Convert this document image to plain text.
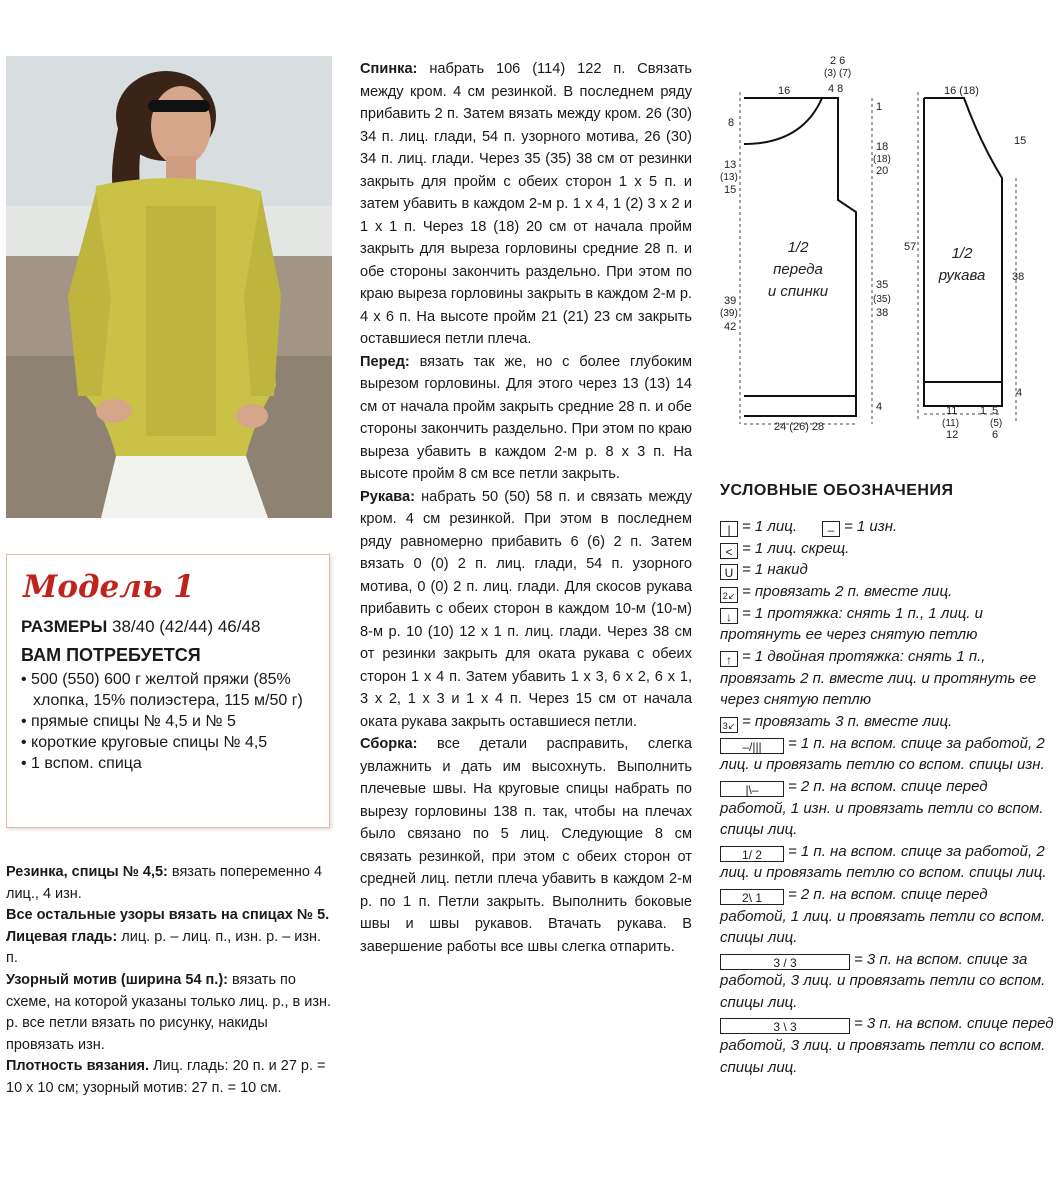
Модель 1
РАЗМЕРЫ 38/40 (42/44) 46/48
ВАМ ПОТРЕБУЕТСЯ
• 500 (550) 600 г желтой пряжи (85% хлопка, 15% полиэстера, 115 м/50 г)
• прямые спицы № 4,5 и № 5
• короткие круговые спицы № 4,5
• 1 вспом. спица

Резинка, спицы № 4,5: вязать попеременно 4 лиц., 4 изн.

Все остальные узоры вязать на спицах № 5.

Лицевая гладь: лиц. р. – лиц. п., изн. р. – изн. п.

Узорный мотив (ширина 54 п.): вязать по схеме, на которой указаны только лиц. р., в изн. р. все петли вязать по рисунку, накиды провязать изн.

Плотность вязания. Лиц. гладь: 20 п. и 27 р. = 10 х 10 см; узорный мотив: 27 п. = 10 см.

Спинка: набрать 106 (114) 122 п. Связать между кром. 4 см резинкой. В последнем ряду прибавить 2 п. Затем вязать между кром. 26 (30) 34 п. лиц. глади, 54 п. узорного мотива, 26 (30) 34 п. лиц. глади. Через 35 (35) 38 см от резинки закрыть для пройм с обеих сторон 1 х 5 п. и затем убавить в каждом 2-м р. 1 х 4, 1 (2) 3 х 2 и 1 х 1 п. Через 18 (18) 20 см от начала пройм закрыть для выреза горловины средние 28 п. и обе стороны закончить раздельно. При этом по краю выреза горловины закрыть в каждом 2-м р. 4 х 6 п. На высоте пройм 21 (21) 23 см закрыть оставшиеся петли плеча.

Перед: вязать так же, но с более глубоким вырезом горловины. Для этого через 13 (13) 14 см от начала пройм закрыть средние 28 п. и обе стороны закончить раздельно. При этом по краю выреза убавить в каждом 2-м р. 8 х 3 п. На высоте пройм 8 см все петли закрыть.

Рукава: набрать 50 (50) 58 п. и связать между кром. 4 см резинкой. При этом в последнем ряду равномерно прибавить 6 (6) 2 п. Затем вязать 0 (0) 2 п. лиц. глади, 54 п. узорного мотива, 0 (0) 2 п. лиц. глади. Для скосов рукава прибавить с обеих сторон в каждом 10-м (10-м) 8-м р. 10 (10) 12 х 1 п. лиц. глади. Через 38 см от резинки закрыть для оката рукава с обеих сторон 1 х 4 п. Затем убавить 1 х 3, 6 х 2, 6 х 1, 3 х 2, 1 х 3 и 1 х 4 п. Через 15 см от начала оката рукава закрыть оставшиеся петли.

Сборка: все детали расправить, слегка увлажнить и дать им высохнуть. Выполнить плечевые швы. На круговые спицы набрать по вырезу горловины 138 п. так, чтобы на плечах было связано по 5 лиц. Следующие 8 см связать резинкой, при этом с обеих сторон от средней лиц. петли плеча убавить в каждом 2-м р. по 1 п. Петли закрыть. Выполнить боковые швы и швы рукавов. Втачать рукава. В завершение работы все швы слегка отпарить.

2 6
(3) (7)
4 8
16
1
8
13
(13)
15
18
(18)
20
39
(39)
42
35
(35)
38
4
24 (26) 28
1/2
переда
и спинки
16 (18)
15
57
38
4
11
(11)
12
1 5
(5)
6
1/2
рукава
УСЛОВНЫЕ ОБОЗНАЧЕНИЯ
| = 1 лиц.	– = 1 изн.
< = 1 лиц. скрещ.
U = 1 накид
2↙ = провязать 2 п. вместе лиц.
↓ = 1 протяжка: снять 1 п., 1 лиц. и протянуть ее через снятую петлю
↑ = 1 двойная протяжка: снять 1 п., провязать 2 п. вместе лиц. и протянуть ее через снятую петлю
3↙ = провязать 3 п. вместе лиц.
–/||| = 1 п. на вспом. спице за работой, 2 лиц. и провязать петлю со вспом. спицы изн.
|\– = 2 п. на вспом. спице перед работой, 1 изн. и провязать петли со вспом. спицы лиц.
1/ 2 = 1 п. на вспом. спице за работой, 2 лиц. и провязать петлю со вспом. спицы лиц.
2\ 1 = 2 п. на вспом. спице перед работой, 1 лиц. и провязать петли со вспом. спицы лиц.
3 / 3	= 3 п. на вспом. спице за работой, 3 лиц. и провязать петли со вспом. спицы лиц.
3 \ 3	= 3 п. на вспом. спице перед работой, 3 лиц. и провязать петли со вспом. спицы лиц.
